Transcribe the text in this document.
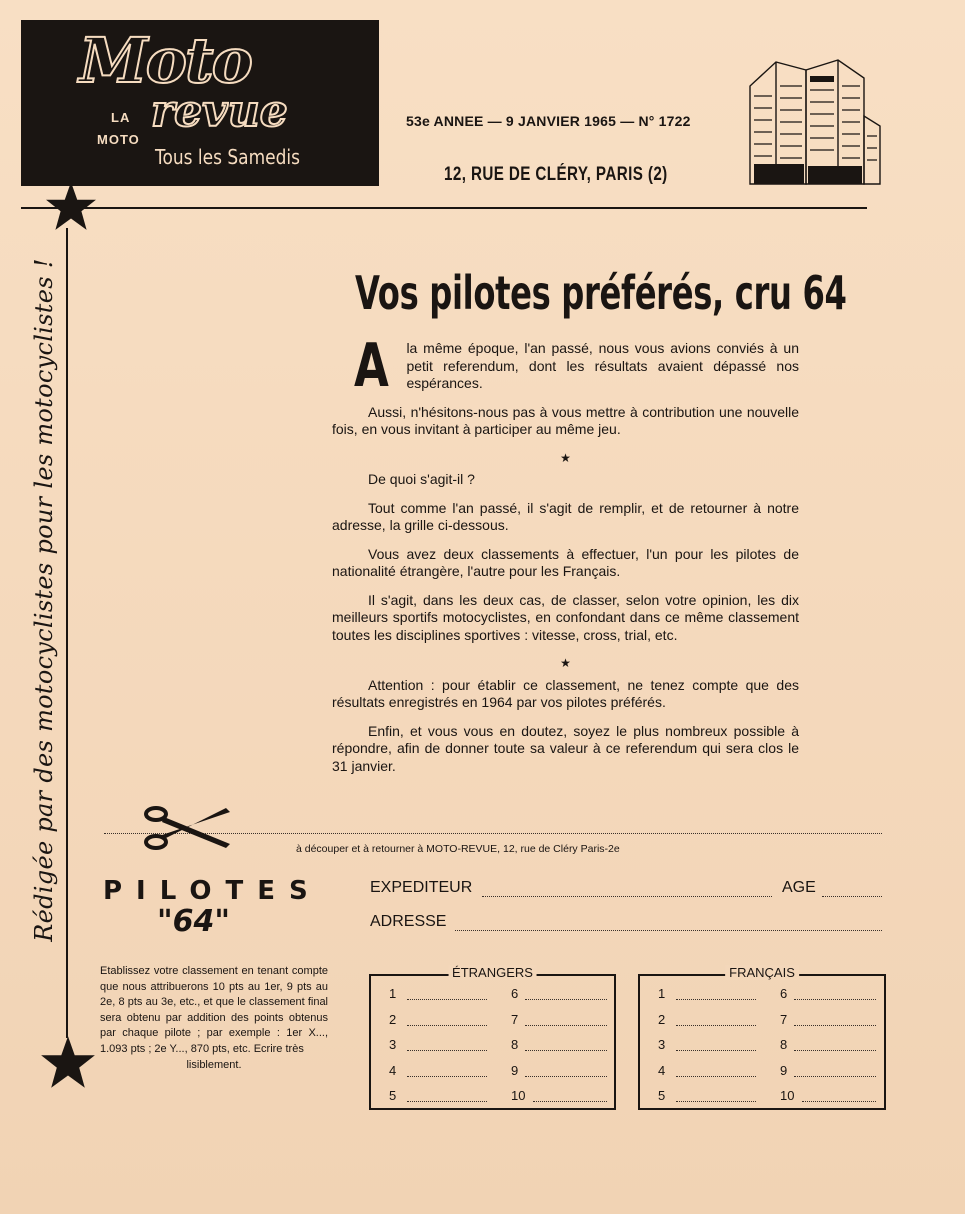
Moto
LA
MOTO
revue
Tous les Samedis
53e ANNEE — 9 JANVIER 1965 — N° 1722
12, RUE DE CLÉRY, PARIS (2)
Rédigée par des motocyclistes pour les motocyclistes !	Vos pilotes préférés, cru 64

A la même époque, l'an passé, nous vous avions conviés à un petit referendum, dont les résultats avaient dépassé nos espérances.

Aussi, n'hésitons-nous pas à vous mettre à contribution une nouvelle fois, en vous invitant à participer au même jeu.

★

De quoi s'agit-il ?

Tout comme l'an passé, il s'agit de remplir, et de retourner à notre adresse, la grille ci-dessous.

Vous avez deux classements à effectuer, l'un pour les pilotes de nationalité étrangère, l'autre pour les Français.

Il s'agit, dans les deux cas, de classer, selon votre opinion, les dix meilleurs sportifs motocyclistes, en confondant dans ce même classement toutes les disciplines sportives : vitesse, cross, trial, etc.

★

Attention : pour établir ce classement, ne tenez compte que des résultats enregistrés en 1964 par vos pilotes préférés.

Enfin, et vous vous en doutez, soyez le plus nombreux possible à répondre, afin de donner toute sa valeur à ce referendum qui sera clos le 31 janvier.

à découper et à retourner à MOTO-REVUE, 12, rue de Cléry Paris-2e
PILOTES
"64"
Etablissez votre classement en tenant compte que nous attribuerons 10 pts au 1er, 9 pts au 2e, 8 pts au 3e, etc., et que le classement final sera obtenu par addition des points obtenus par chaque pilote ; par exemple : 1er X..., 1.093 pts ; 2e Y..., 870 pts, etc. Ecrire très
lisiblement.
EXPEDITEUR	AGE
ADRESSE
ÉTRANGERS	FRANÇAIS
1	6
2	7
3	8
4	9
5	10
1	6
2	7
3	8
4	9
5	10
